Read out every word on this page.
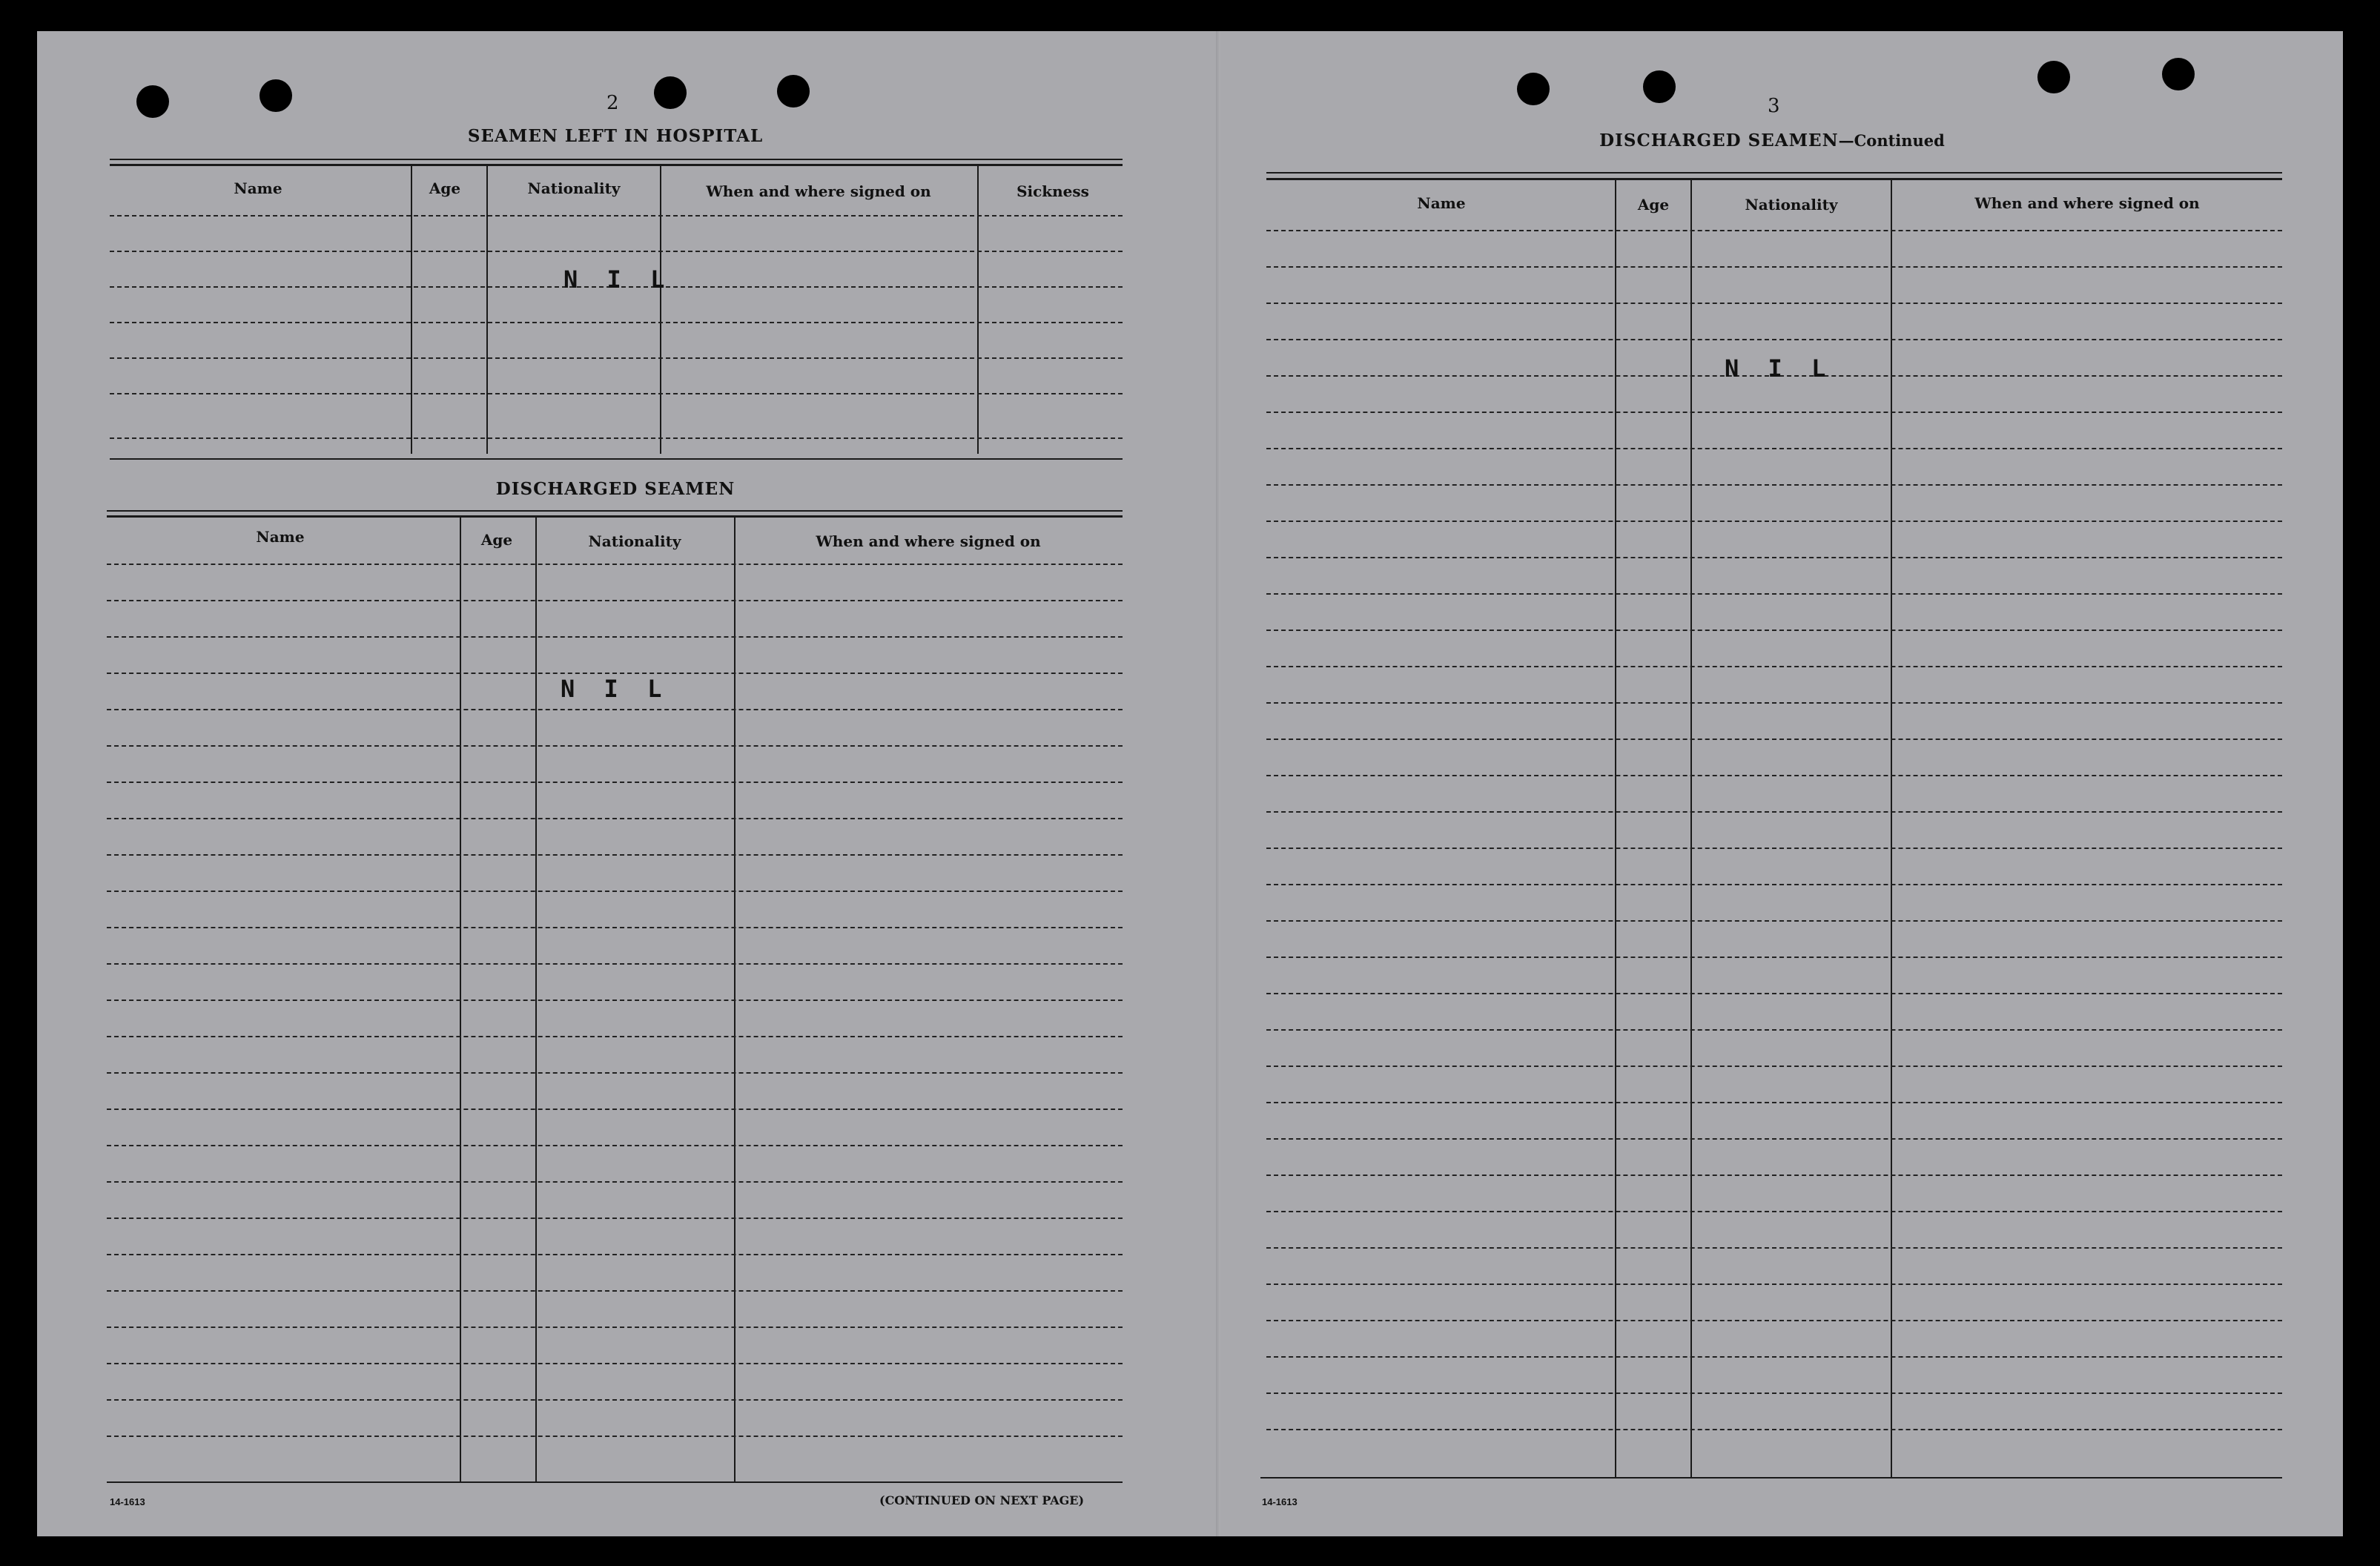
2
SEAMEN LEFT IN HOSPITAL
Name	Age	Nationality	When and where signed on	Sickness
N I L
DISCHARGED SEAMEN
Name	Age	Nationality	When and where signed on
N I L
14-1613	(CONTINUED ON NEXT PAGE)
3
DISCHARGED SEAMEN—Continued
Name	Age	Nationality	When and where signed on
N I L
14-1613
